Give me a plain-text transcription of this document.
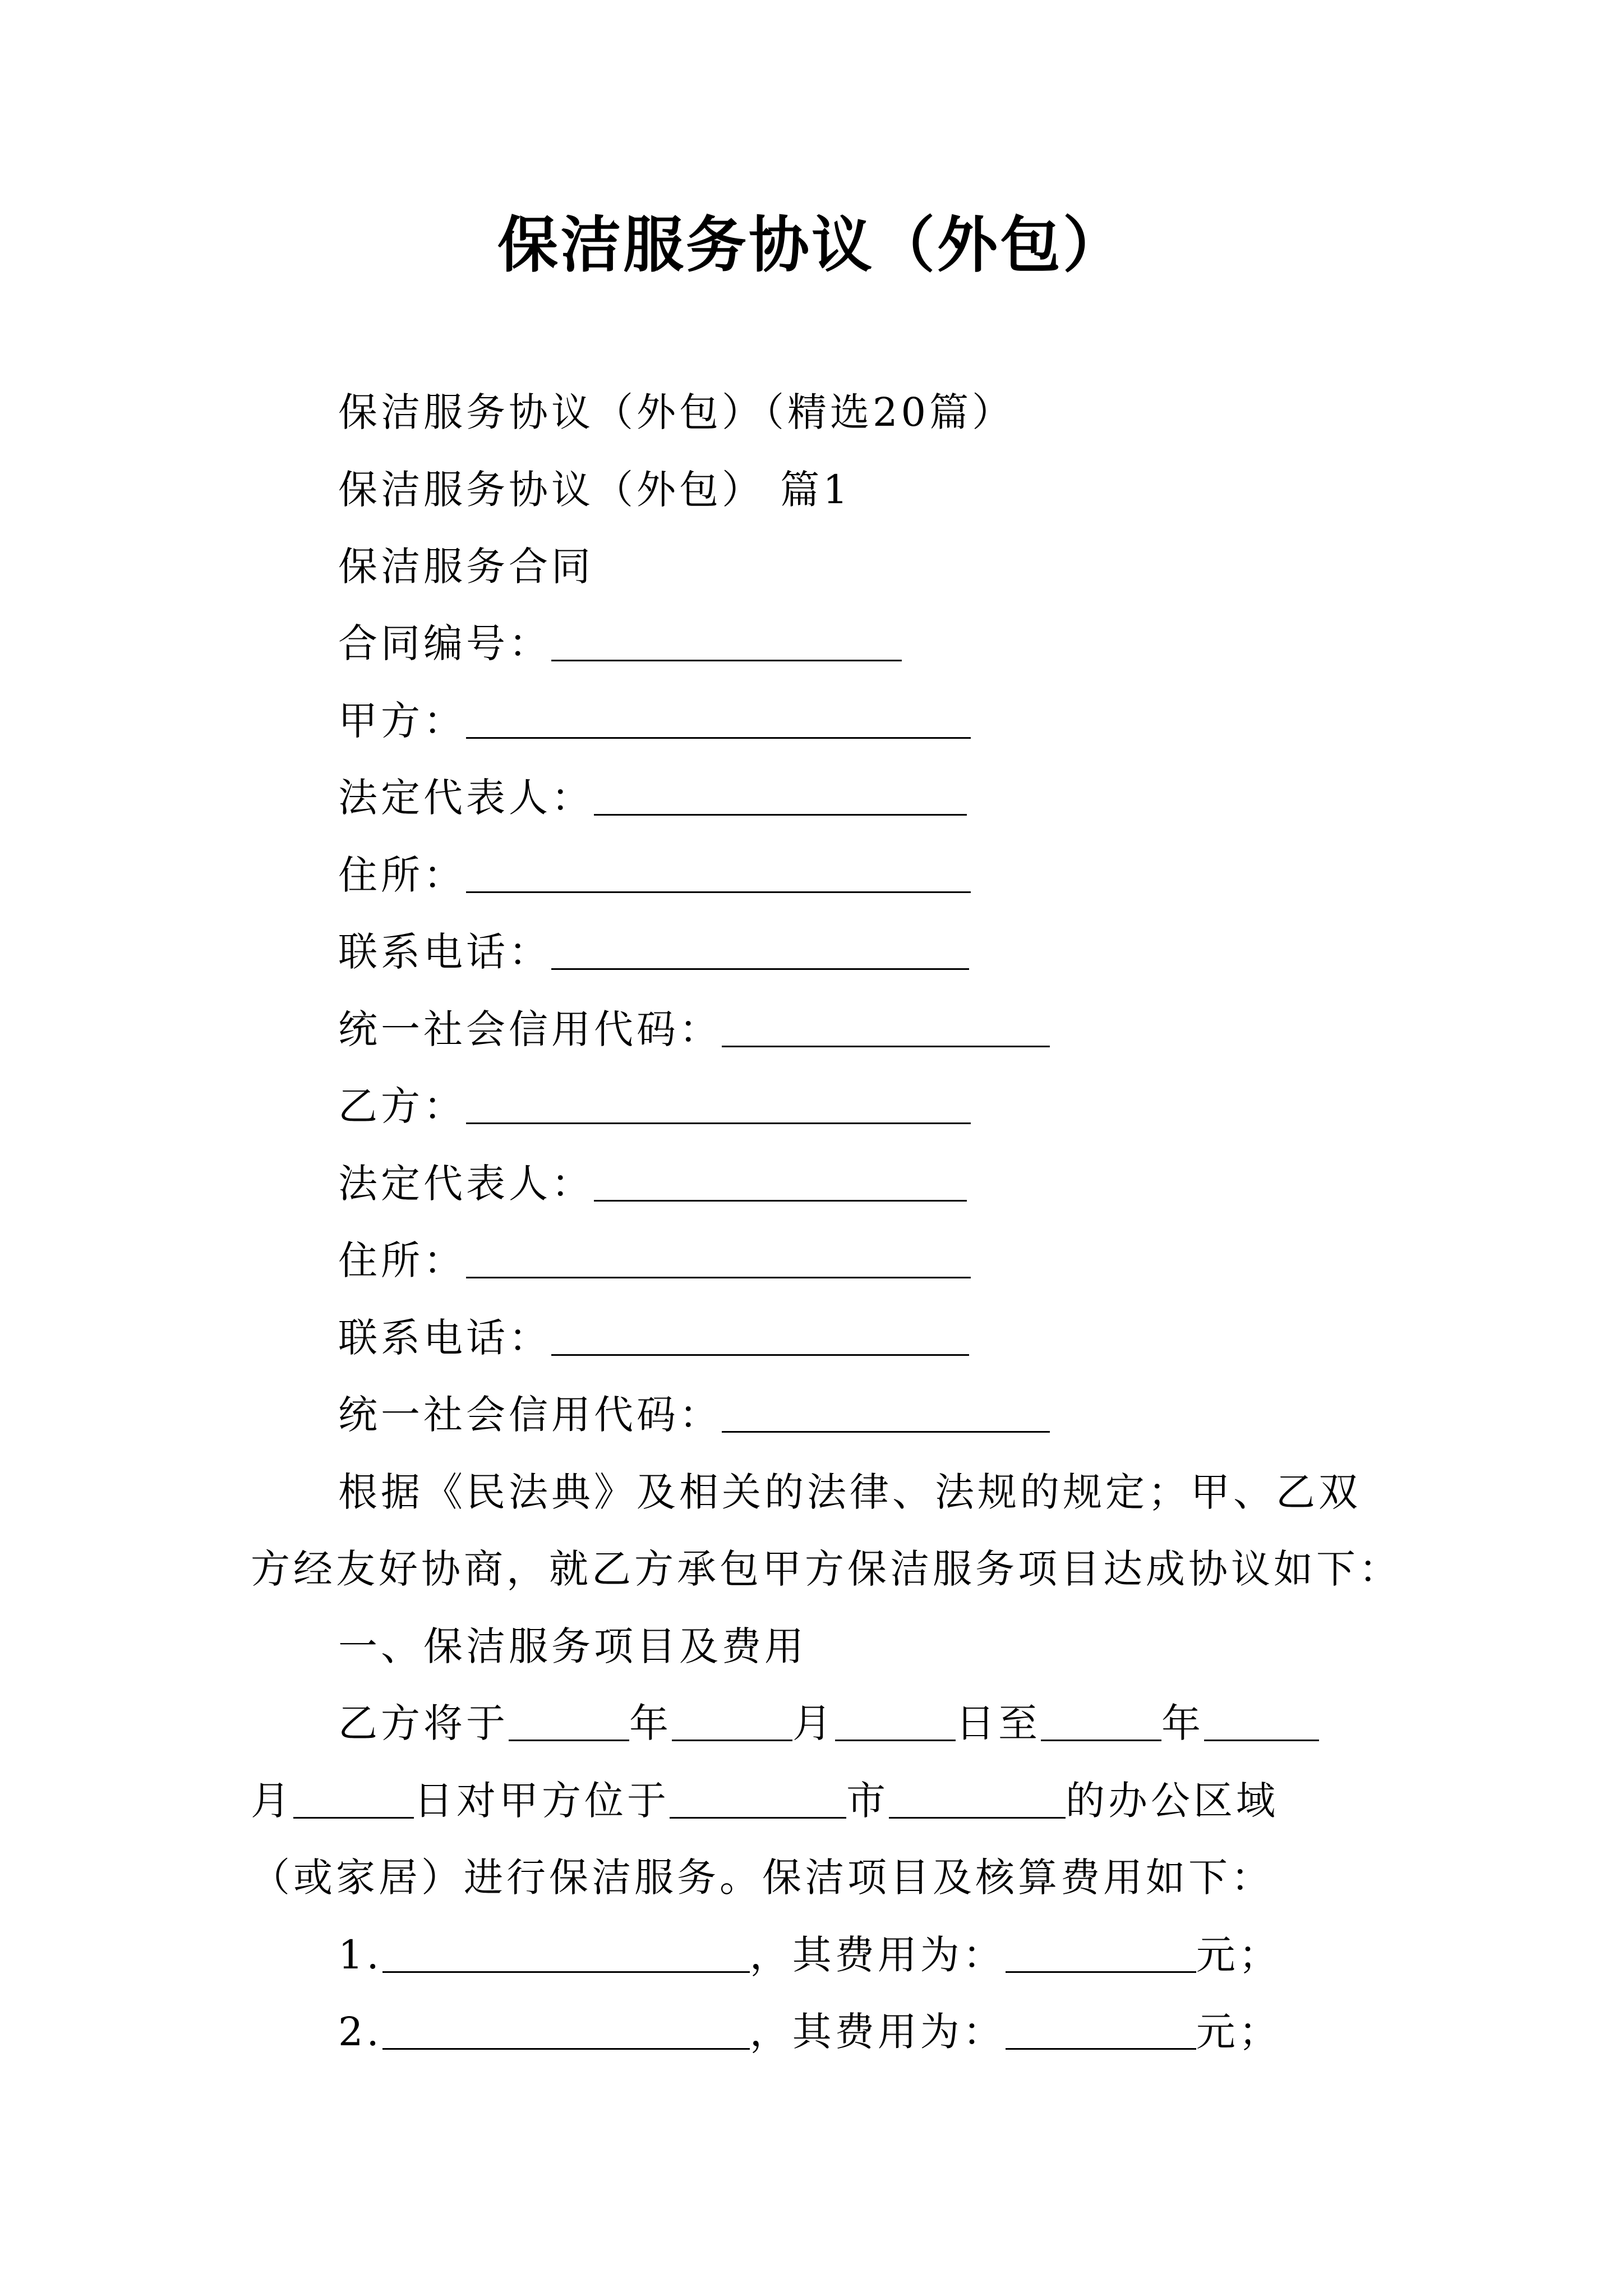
保洁服务协议（外包）
保洁服务协议（外包）（精选20篇）
保洁服务协议（外包） 篇1
保洁服务合同
合同编号：
甲方：
法定代表人：
住所：
联系电话：
统一社会信用代码：
乙方：
法定代表人：
住所：
联系电话：
统一社会信用代码：
根据《民法典》及相关的法律、法规的规定；甲、乙双
方经友好协商，就乙方承包甲方保洁服务项目达成协议如下：
一、保洁服务项目及费用
乙方将于	年	月	日至	年
月	日对甲方位于	市	的办公区域
（或家居）进行保洁服务。保洁项目及核算费用如下：
1.	，其费用为：	元；
2.	，其费用为：	元；
